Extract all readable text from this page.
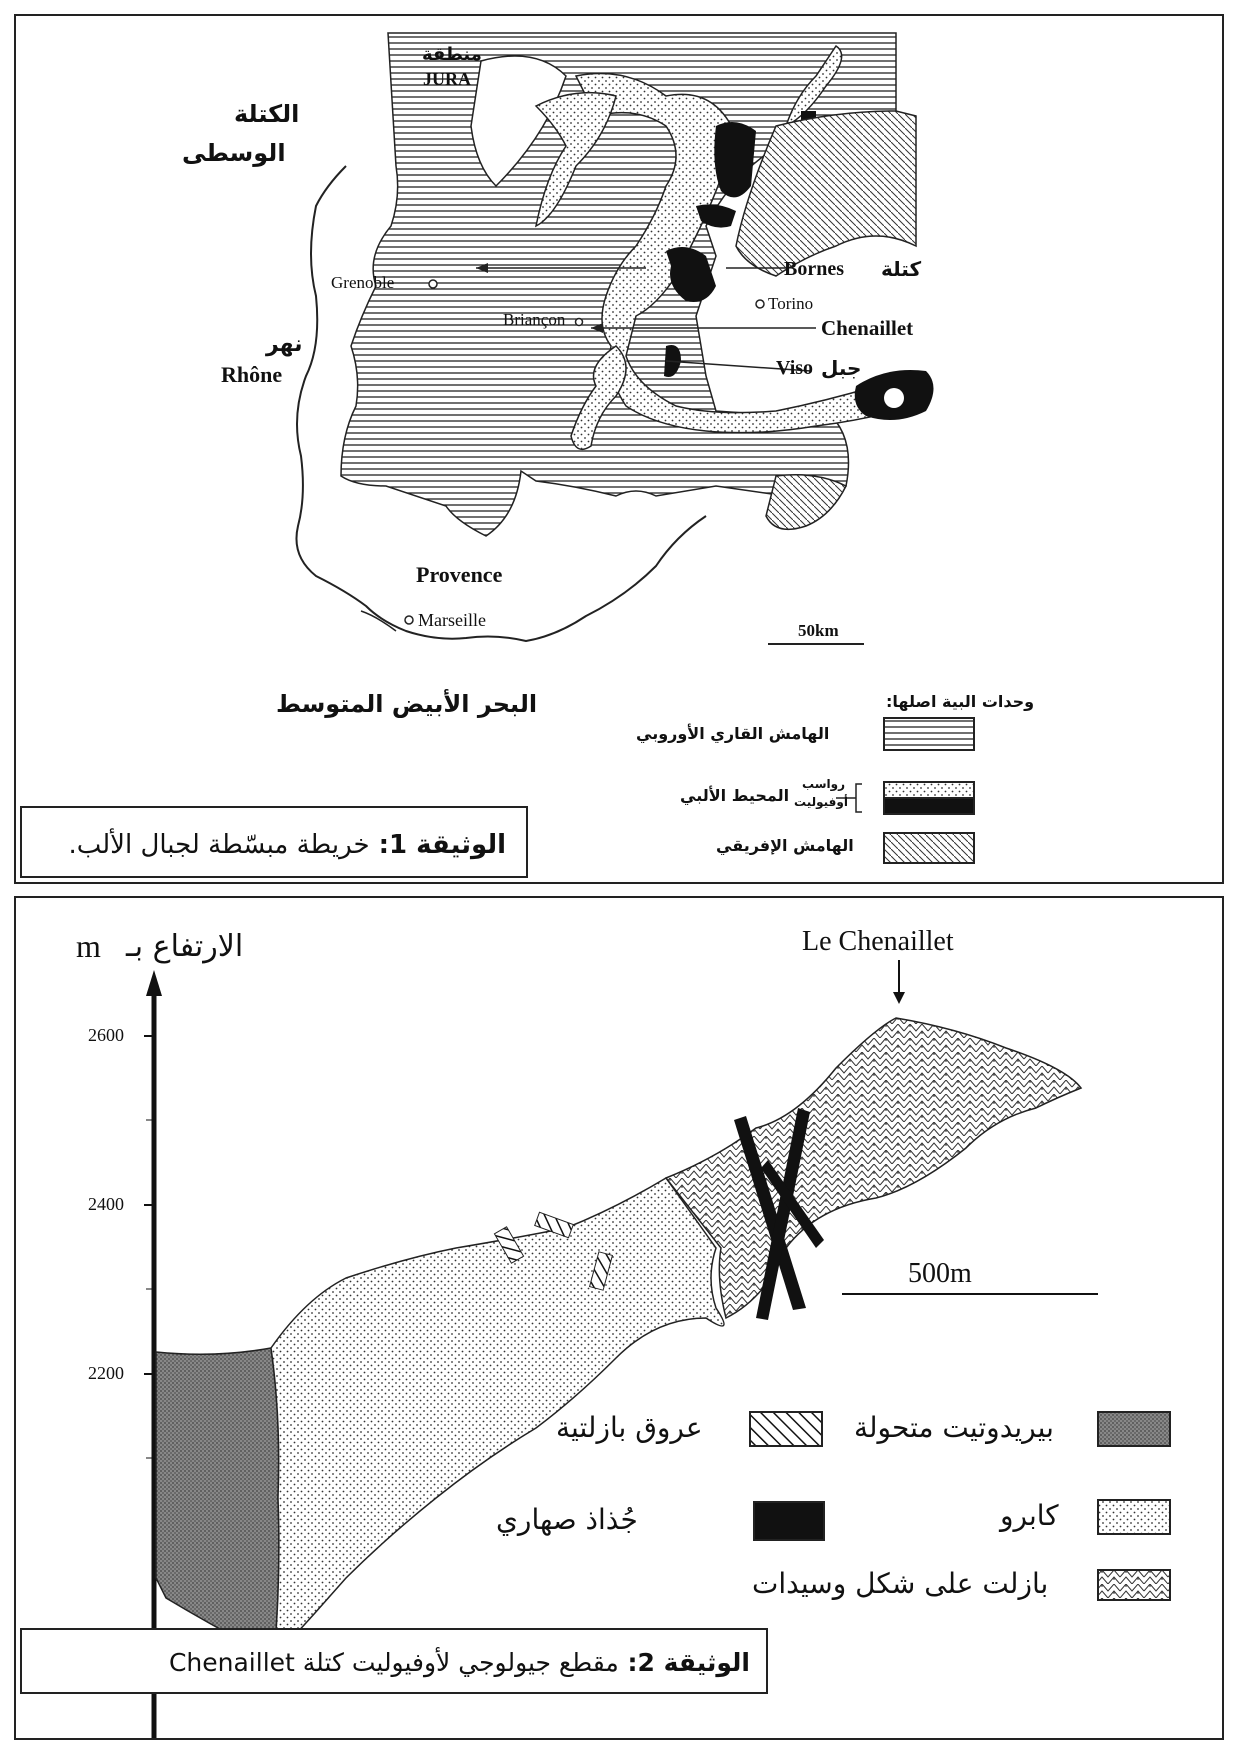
الكتلة
الوسطى
منطقة
JURA
Grenoble
نهر
Rhône
Briançon
Torino
Bornes كتلة
Chenaillet
Viso جبل
Provence
Marseille
50km
البحر الأبيض المتوسط	وحدات البية اصلها:
الهامش القاري الأوروبي
رواسب
أوفيوليت
المحيط الألبي
الهامش الإفريقي
الوثيقة 1: خريطة مبسّطة لجبال الألب.
الارتفاع بـ
m
2600
2400
2200
Le Chenaillet
500m
بيريدوتيت متحولة
عروق بازلتية
كابرو
جُذاذ صهاري
بازلت على شكل وسيدات
الوثيقة 2: مقطع جيولوجي لأوفيوليت كتلة Chenaillet
